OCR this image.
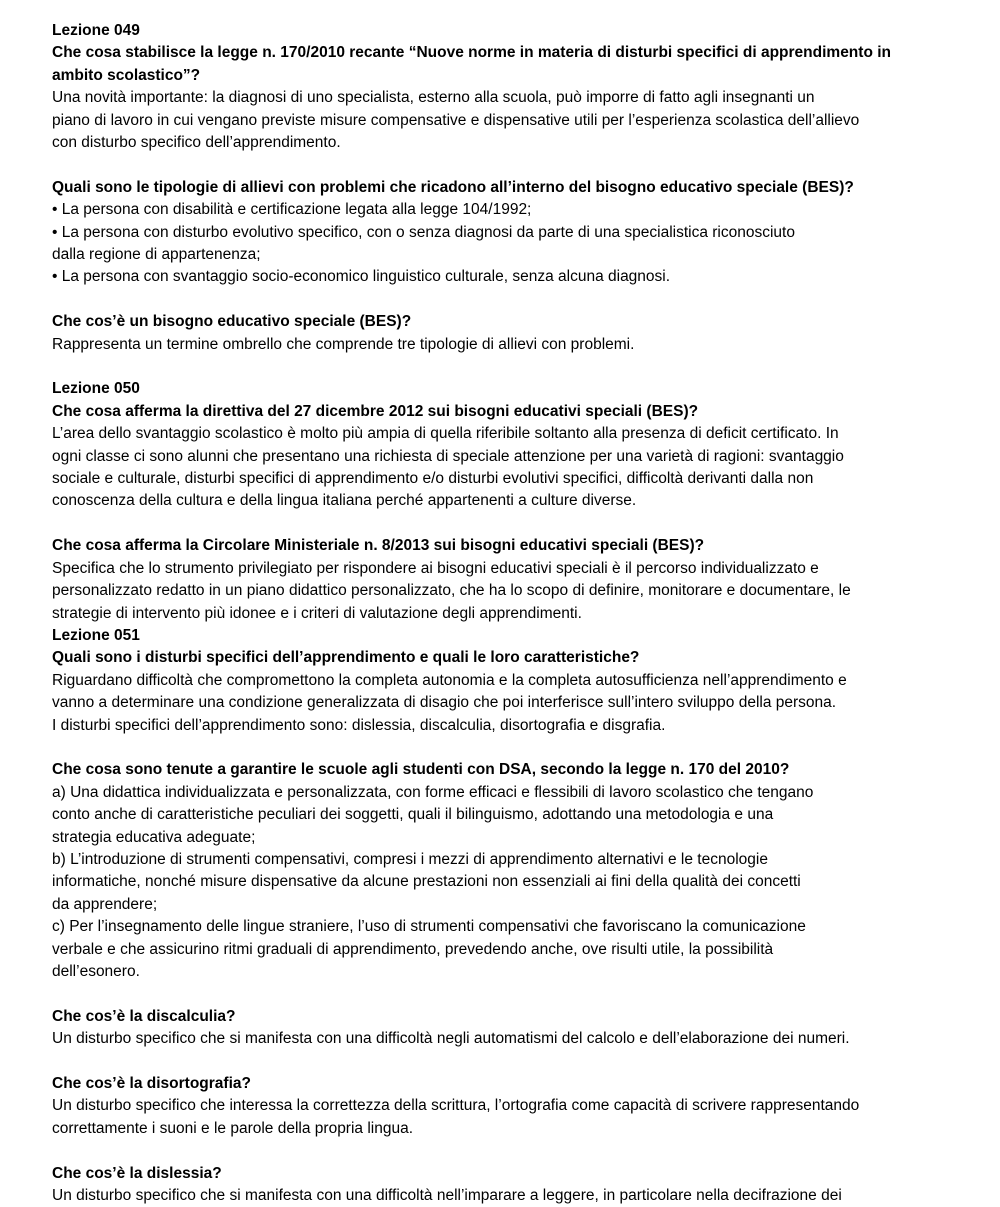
Lezione 049
Che cosa stabilisce la legge n. 170/2010 recante “Nuove norme in materia di disturbi specifici di apprendimento in
ambito scolastico”?
Una novità importante: la diagnosi di uno specialista, esterno alla scuola, può imporre di fatto agli insegnanti un
piano di lavoro in cui vengano previste misure compensative e dispensative utili per l’esperienza scolastica dell’allievo
con disturbo specifico dell’apprendimento.
Quali sono le tipologie di allievi con problemi che ricadono all’interno del bisogno educativo speciale (BES)?
• La persona con disabilità e certificazione legata alla legge 104/1992;
• La persona con disturbo evolutivo specifico, con o senza diagnosi da parte di una specialistica riconosciuto
dalla regione di appartenenza;
• La persona con svantaggio socio-economico linguistico culturale, senza alcuna diagnosi.
Che cos’è un bisogno educativo speciale (BES)?
Rappresenta un termine ombrello che comprende tre tipologie di allievi con problemi.
Lezione 050
Che cosa afferma la direttiva del 27 dicembre 2012 sui bisogni educativi speciali (BES)?
L’area dello svantaggio scolastico è molto più ampia di quella riferibile soltanto alla presenza di deficit certificato. In
ogni classe ci sono alunni che presentano una richiesta di speciale attenzione per una varietà di ragioni: svantaggio
sociale e culturale, disturbi specifici di apprendimento e/o disturbi evolutivi specifici, difficoltà derivanti dalla non
conoscenza della cultura e della lingua italiana perché appartenenti a culture diverse.
Che cosa afferma la Circolare Ministeriale n. 8/2013 sui bisogni educativi speciali (BES)?
Specifica che lo strumento privilegiato per rispondere ai bisogni educativi speciali è il percorso individualizzato e
personalizzato redatto in un piano didattico personalizzato, che ha lo scopo di definire, monitorare e documentare, le
strategie di intervento più idonee e i criteri di valutazione degli apprendimenti.
Lezione 051
Quali sono i disturbi specifici dell’apprendimento e quali le loro caratteristiche?
Riguardano difficoltà che compromettono la completa autonomia e la completa autosufficienza nell’apprendimento e
vanno a determinare una condizione generalizzata di disagio che poi interferisce sull’intero sviluppo della persona.
I disturbi specifici dell’apprendimento sono: dislessia, discalculia, disortografia e disgrafia.
Che cosa sono tenute a garantire le scuole agli studenti con DSA, secondo la legge n. 170 del 2010?
a) Una didattica individualizzata e personalizzata, con forme efficaci e flessibili di lavoro scolastico che tengano
conto anche di caratteristiche peculiari dei soggetti, quali il bilinguismo, adottando una metodologia e una
strategia educativa adeguate;
b) L’introduzione di strumenti compensativi, compresi i mezzi di apprendimento alternativi e le tecnologie
informatiche, nonché misure dispensative da alcune prestazioni non essenziali ai fini della qualità dei concetti
da apprendere;
c) Per l’insegnamento delle lingue straniere, l’uso di strumenti compensativi che favoriscano la comunicazione
verbale e che assicurino ritmi graduali di apprendimento, prevedendo anche, ove risulti utile, la possibilità
dell’esonero.
Che cos’è la discalculia?
Un disturbo specifico che si manifesta con una difficoltà negli automatismi del calcolo e dell’elaborazione dei numeri.
Che cos’è la disortografia?
Un disturbo specifico che interessa la correttezza della scrittura, l’ortografia come capacità di scrivere rappresentando
correttamente i suoni e le parole della propria lingua.
Che cos’è la dislessia?
Un disturbo specifico che si manifesta con una difficoltà nell’imparare a leggere, in particolare nella decifrazione dei
